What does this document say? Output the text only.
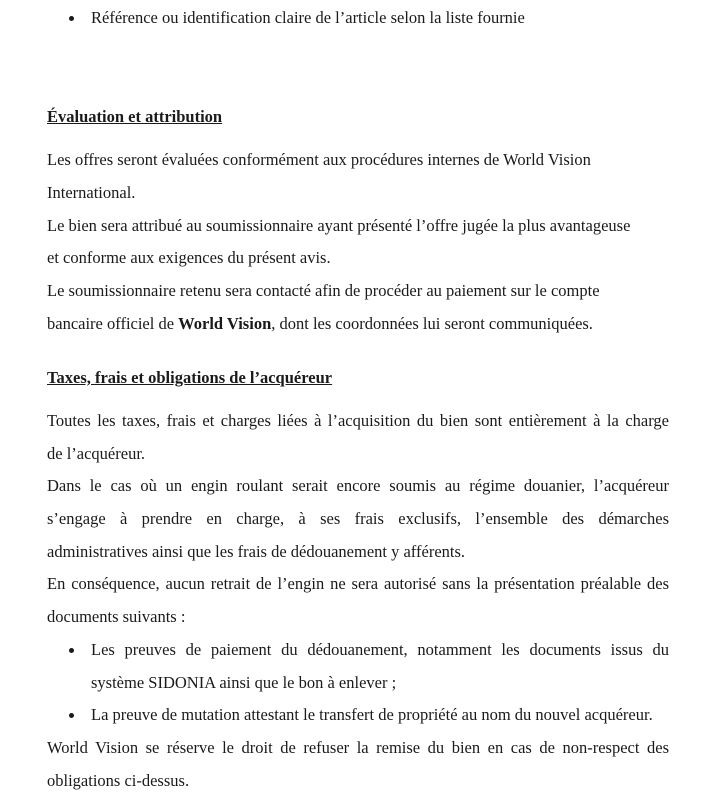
Référence ou identification claire de l’article selon la liste fournie
Évaluation et attribution
Les offres seront évaluées conformément aux procédures internes de World Vision
International.
Le bien sera attribué au soumissionnaire ayant présenté l’offre jugée la plus avantageuse
et conforme aux exigences du présent avis.
Le soumissionnaire retenu sera contacté afin de procéder au paiement sur le compte
bancaire officiel de World Vision, dont les coordonnées lui seront communiquées.
Taxes, frais et obligations de l’acquéreur
Toutes les taxes, frais et charges liées à l’acquisition du bien sont entièrement à la charge
de l’acquéreur.
Dans le cas où un engin roulant serait encore soumis au régime douanier, l’acquéreur
s’engage à prendre en charge, à ses frais exclusifs, l’ensemble des démarches
administratives ainsi que les frais de dédouanement y afférents.
En conséquence, aucun retrait de l’engin ne sera autorisé sans la présentation préalable des
documents suivants :
Les preuves de paiement du dédouanement, notamment les documents issus du
système SIDONIA ainsi que le bon à enlever ;
La preuve de mutation attestant le transfert de propriété au nom du nouvel acquéreur.
World Vision se réserve le droit de refuser la remise du bien en cas de non-respect des
obligations ci-dessus.
